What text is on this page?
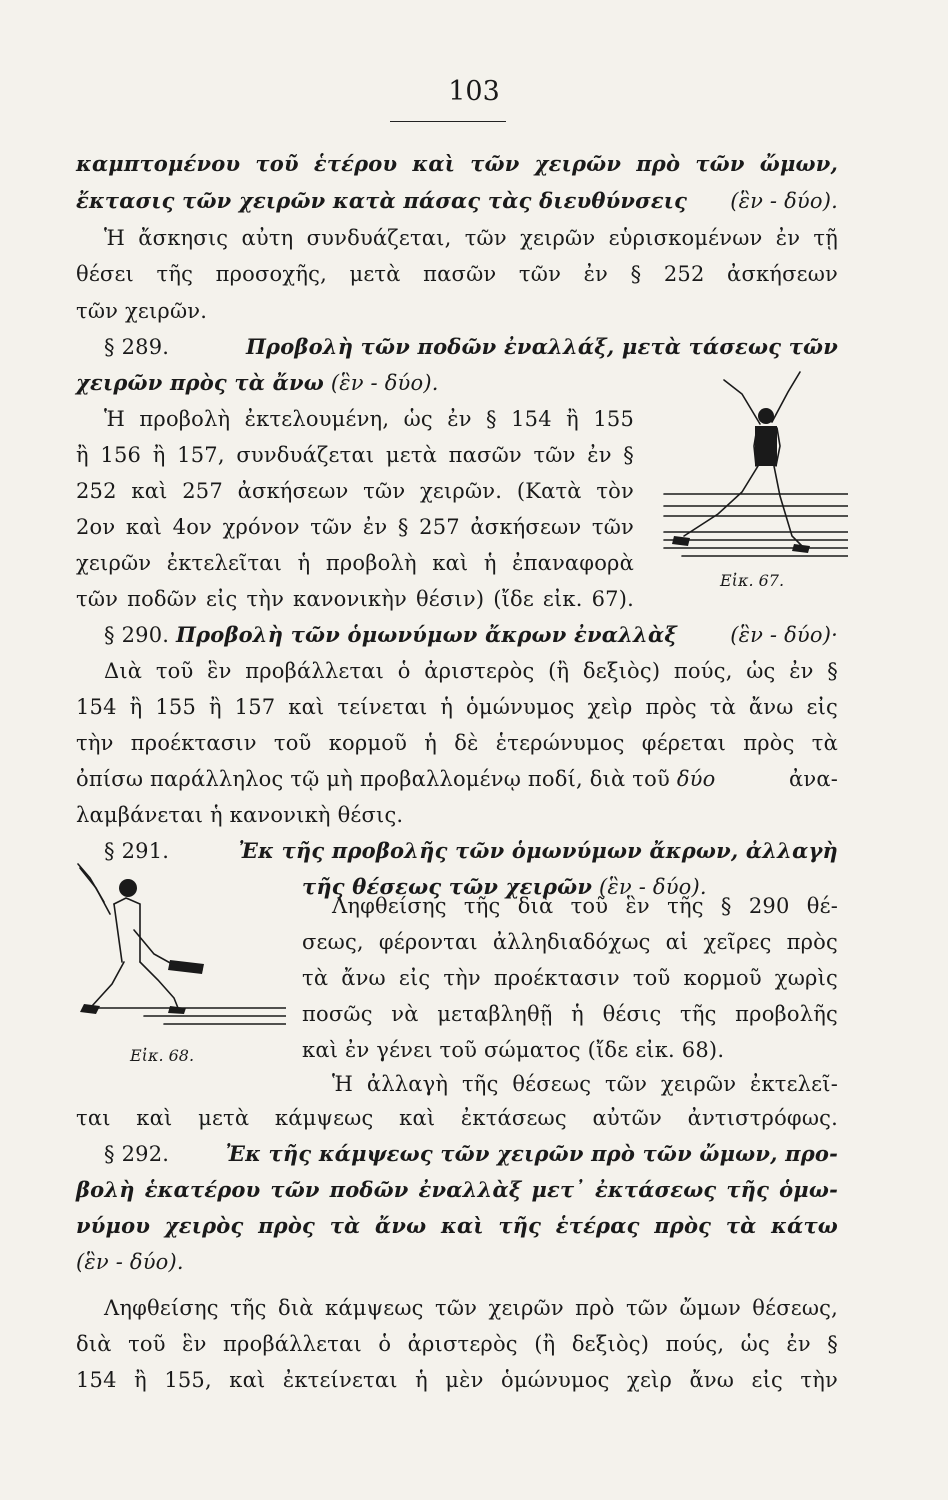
103
καμπτομένου τοῦ ἑτέρου καὶ τῶν χειρῶν πρὸ τῶν ὤμων,
ἔκτασις τῶν χειρῶν κατὰ πάσας τὰς διευθύνσεις (ἓν - δύο).
Ἡ ἄσκησις αὐτη συνδυάζεται, τῶν χειρῶν εὑρισκομένων ἐν τῇ
θέσει τῆς προσοχῆς, μετὰ πασῶν τῶν ἐν § 252 ἀσκήσεων
τῶν χειρῶν.
§ 289.	Προβολὴ τῶν ποδῶν ἐναλλάξ, μετὰ τάσεως τῶν
χειρῶν πρὸς τὰ ἄνω (ἓν - δύο).
Ἡ προβολὴ ἐκτελουμένη, ὡς ἐν § 154 ἢ 155
ἢ 156 ἢ 157, συνδυάζεται μετὰ πασῶν τῶν ἐν §
252 καὶ 257 ἀσκήσεων τῶν χειρῶν. (Κατὰ τὸν
2ον καὶ 4ον χρόνον τῶν ἐν § 257 ἀσκήσεων τῶν
χειρῶν ἐκτελεῖται ἡ προβολὴ καὶ ἡ ἐπαναφορὰ
τῶν ποδῶν εἰς τὴν κανονικὴν θέσιν) (ἴδε εἰκ. 67).
Εἰκ. 67.
§ 290. Προβολὴ τῶν ὁμωνύμων ἄκρων ἐναλλὰξ	(ἓν - δύο)·
Διὰ τοῦ ἓν προβάλλεται ὁ ἀριστερὸς (ἢ δεξιὸς) πούς, ὡς ἐν §
154 ἢ 155 ἢ 157 καὶ τείνεται ἡ ὁμώνυμος χεὶρ πρὸς τὰ ἄνω εἰς
τὴν προέκτασιν τοῦ κορμοῦ ἡ δὲ ἑτερώνυμος φέρεται πρὸς τὰ
ὀπίσω παράλληλος τῷ μὴ προβαλλομένῳ ποδί, διὰ τοῦ δύο	ἀνα-
λαμβάνεται ἡ κανονικὴ θέσις.
§ 291.	Ἐκ τῆς προβολῆς τῶν ὁμωνύμων ἄκρων, ἀλλαγὴ
τῆς θέσεως τῶν χειρῶν (ἓν - δύο).
Εἰκ. 68.
Ληφθείσης τῆς διὰ τοῦ ἓν τῆς § 290 θέ-
σεως, φέρονται ἀλληδιαδόχως αἱ χεῖρες πρὸς
τὰ ἄνω εἰς τὴν προέκτασιν τοῦ κορμοῦ χωρὶς
ποσῶς νὰ μεταβληθῇ ἡ θέσις τῆς προβολῆς
καὶ ἐν γένει τοῦ σώματος (ἴδε εἰκ. 68).
Ἡ ἀλλαγὴ τῆς θέσεως τῶν χειρῶν ἐκτελεῖ-
ται καὶ μετὰ κάμψεως καὶ ἐκτάσεως αὐτῶν ἀντιστρόφως.
§ 292.	Ἐκ τῆς κάμψεως τῶν χειρῶν πρὸ τῶν ὤμων, προ-
βολὴ ἑκατέρου τῶν ποδῶν ἐναλλὰξ μετ᾽ ἐκτάσεως τῆς ὁμω-
νύμου χειρὸς πρὸς τὰ ἄνω καὶ τῆς ἑτέρας πρὸς τὰ κάτω
(ἓν - δύο).
Ληφθείσης τῆς διὰ κάμψεως τῶν χειρῶν πρὸ τῶν ὤμων θέσεως,
διὰ τοῦ ἓν προβάλλεται ὁ ἀριστερὸς (ἢ δεξιὸς) πούς, ὡς ἐν §
154 ἢ 155, καὶ ἐκτείνεται ἡ μὲν ὁμώνυμος χεὶρ ἄνω εἰς τὴν
